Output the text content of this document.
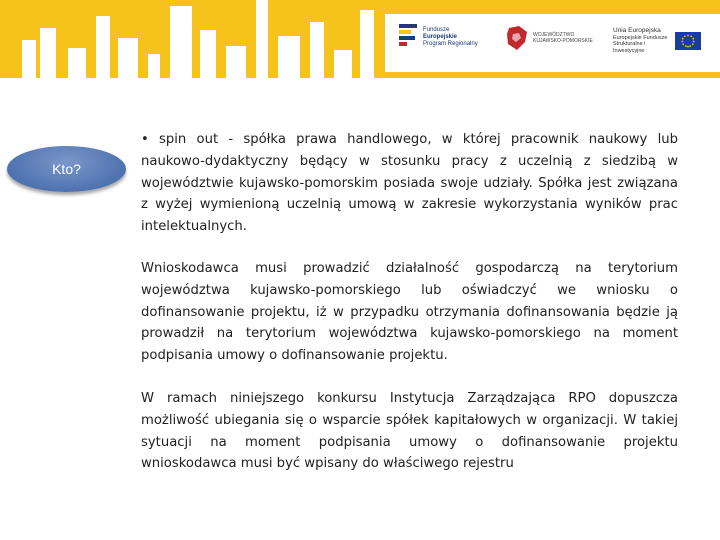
Fundusze
Europejskie
Program Regionalny
WOJEWÓDZTWO
KUJAWSKO-POMORSKIE
Unia Europejska
Europejskie Fundusze
Strukturalne i Inwestycyjne
Kto?

• spin out - spółka prawa handlowego, w której pracownik naukowy lub naukowo-dydaktyczny będący w stosunku pracy z uczelnią z siedzibą w województwie kujawsko-pomorskim posiada swoje udziały. Spółka jest związana z wyżej wymienioną uczelnią umową w zakresie wykorzystania wyników prac intelektualnych.

Wnioskodawca musi prowadzić działalność gospodarczą na terytorium województwa kujawsko-pomorskiego lub oświadczyć we wniosku o dofinansowanie projektu, iż w przypadku otrzymania dofinansowania będzie ją prowadził na terytorium województwa kujawsko-pomorskiego na moment podpisania umowy o dofinansowanie projektu.

W ramach niniejszego konkursu Instytucja Zarządzająca RPO dopuszcza możliwość ubiegania się o wsparcie spółek kapitałowych w organizacji. W takiej sytuacji na moment podpisania umowy o dofinansowanie projektu wnioskodawca musi być wpisany do właściwego rejestru
